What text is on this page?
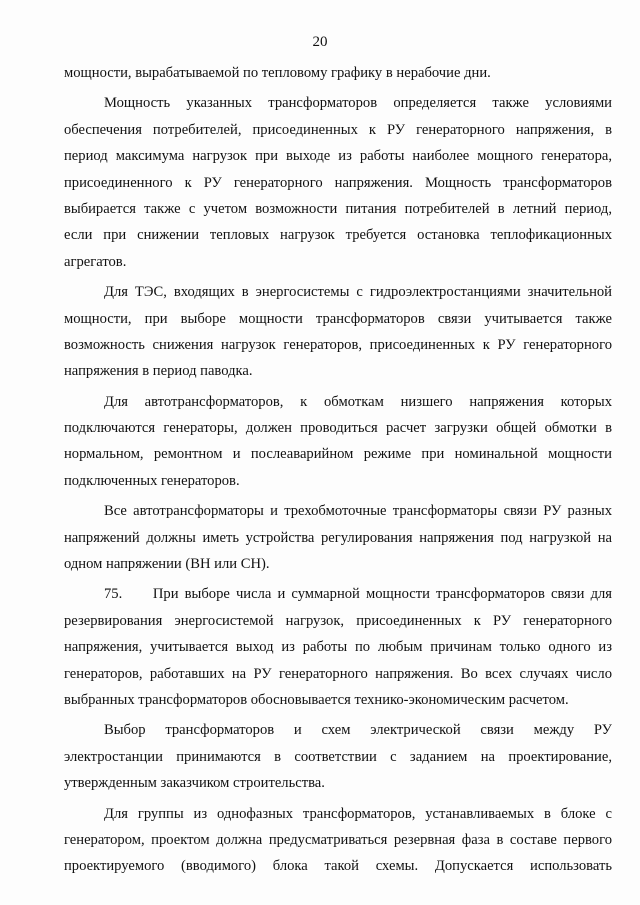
20
мощности, вырабатываемой по тепловому графику в нерабочие дни.
Мощность указанных трансформаторов определяется также условиями
обеспечения потребителей, присоединенных к РУ генераторного напряжения, в
период максимума нагрузок при выходе из работы наиболее мощного генератора,
присоединенного к РУ генераторного напряжения. Мощность трансформаторов
выбирается также с учетом возможности питания потребителей в летний период,
если при снижении тепловых нагрузок требуется остановка теплофикационных
агрегатов.
Для ТЭС, входящих в энергосистемы с гидроэлектростанциями значительной
мощности, при выборе мощности трансформаторов связи учитывается также
возможность снижения нагрузок генераторов, присоединенных к РУ генераторного
напряжения в период паводка.
Для автотрансформаторов, к обмоткам низшего напряжения которых
подключаются генераторы, должен проводиться расчет загрузки общей обмотки в
нормальном, ремонтном и послеаварийном режиме при номинальной мощности
подключенных генераторов.
Все автотрансформаторы и трехобмоточные трансформаторы связи РУ разных
напряжений должны иметь устройства регулирования напряжения под нагрузкой на
одном напряжении (ВН или СН).
75.     При выборе числа и суммарной мощности трансформаторов связи для
резервирования энергосистемой нагрузок, присоединенных к РУ генераторного
напряжения, учитывается выход из работы по любым причинам только одного из
генераторов, работавших на РУ генераторного напряжения. Во всех случаях число
выбранных трансформаторов обосновывается технико-экономическим расчетом.
Выбор трансформаторов и схем электрической связи между РУ
электростанции принимаются в соответствии с заданием на проектирование,
утвержденным заказчиком строительства.
Для группы из однофазных трансформаторов, устанавливаемых в блоке с
генератором, проектом должна предусматриваться резервная фаза в составе первого
проектируемого (вводимого) блока такой схемы. Допускается использовать
